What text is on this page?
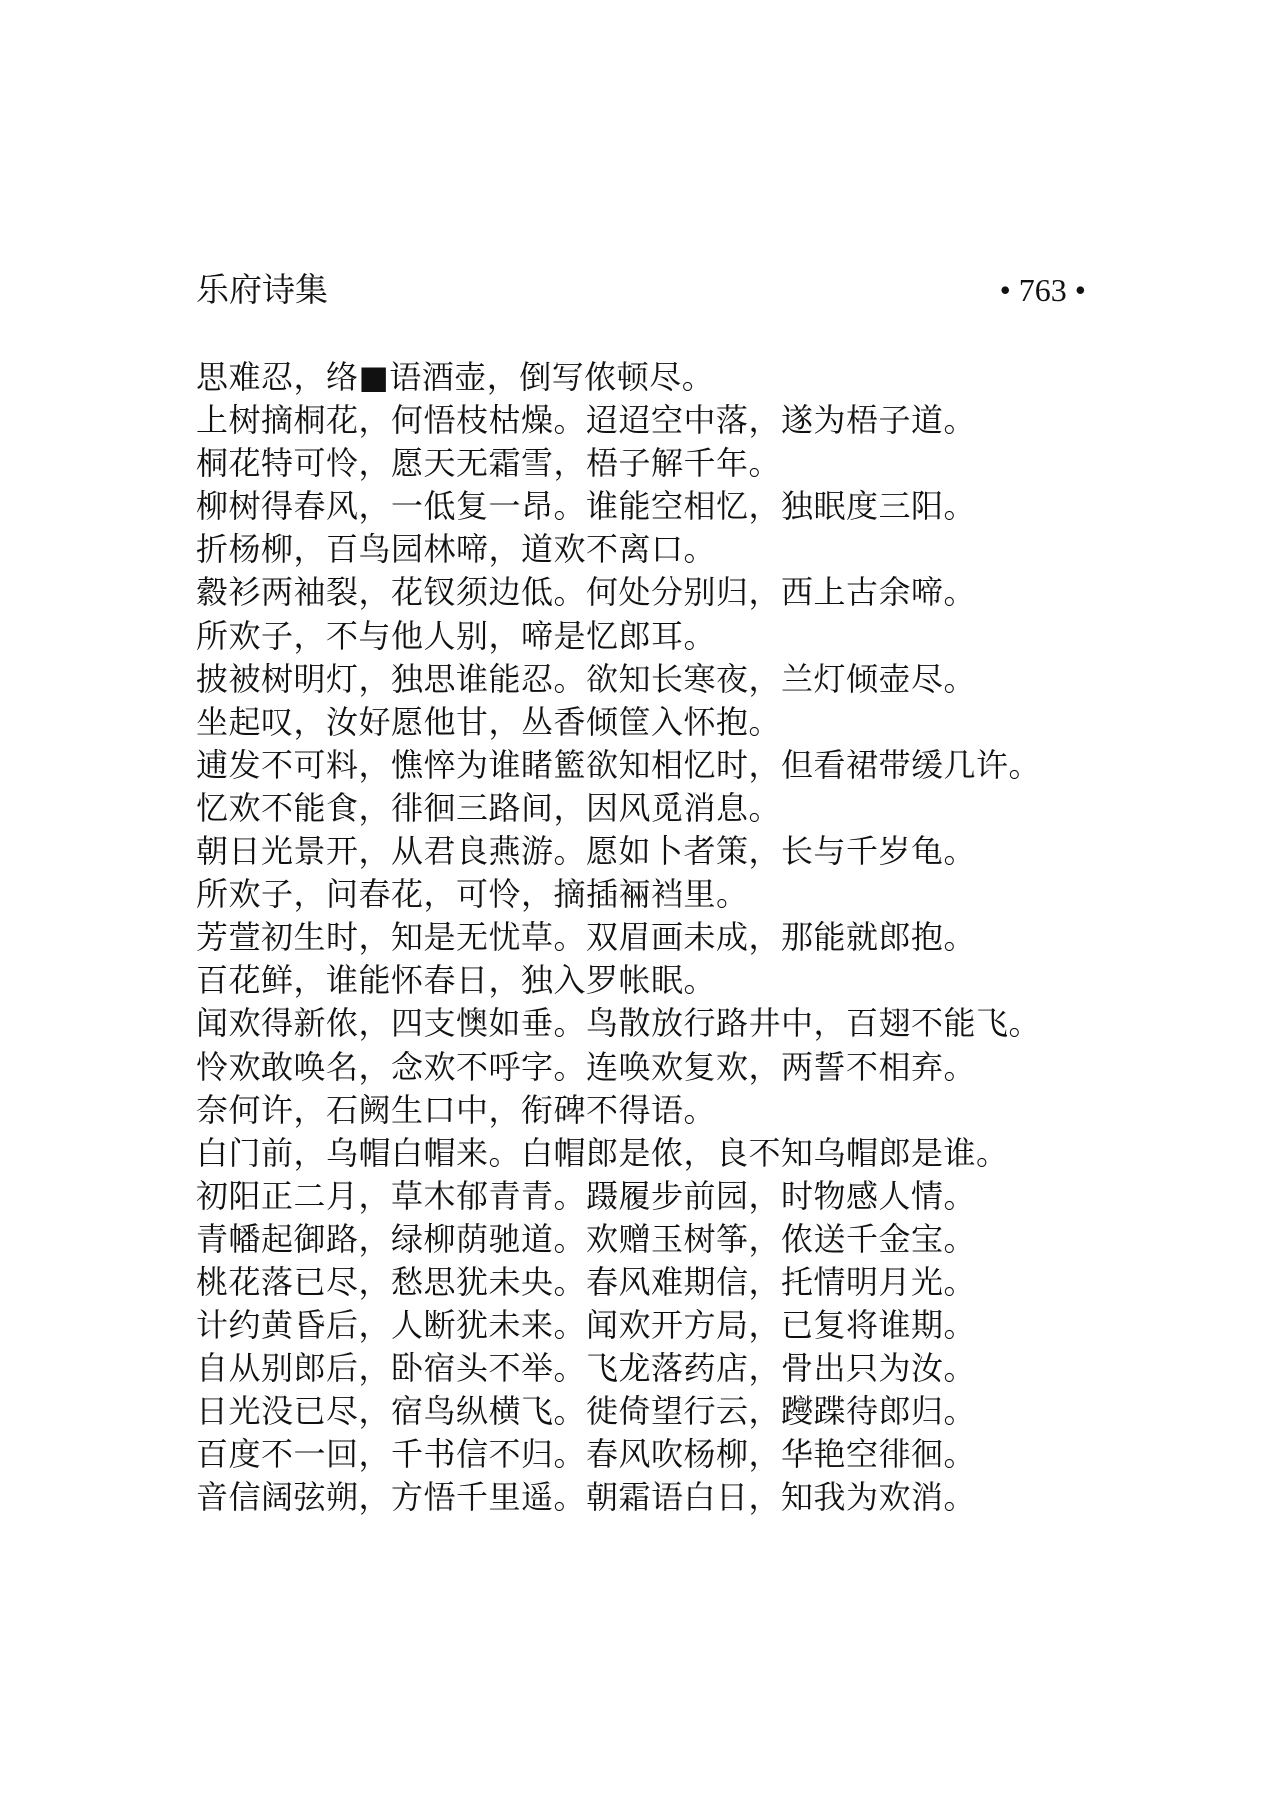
乐府诗集	• 763 •
思难忍，络■语酒壶，倒写侬顿尽。
上树摘桐花，何悟枝枯燥。迢迢空中落，遂为梧子道。
桐花特可怜，愿天无霜雪，梧子解千年。
柳树得春风，一低复一昂。谁能空相忆，独眠度三阳。
折杨柳，百鸟园林啼，道欢不离口。
縠衫两袖裂，花钗须边低。何处分别归，西上古余啼。
所欢子，不与他人别，啼是忆郎耳。
披被树明灯，独思谁能忍。欲知长寒夜，兰灯倾壶尽。
坐起叹，汝好愿他甘，丛香倾筐入怀抱。
逋发不可料，憔悴为谁睹籃欲知相忆时，但看裙带缓几许。
忆欢不能食，徘徊三路间，因风觅消息。
朝日光景开，从君良燕游。愿如卜者策，长与千岁龟。
所欢子，问春花，可怜，摘插裲裆里。
芳萱初生时，知是无忧草。双眉画未成，那能就郎抱。
百花鲜，谁能怀春日，独入罗帐眠。
闻欢得新侬，四支懊如垂。鸟散放行路井中，百翅不能飞。
怜欢敢唤名，念欢不呼字。连唤欢复欢，两誓不相弃。
奈何许，石阙生口中，衔碑不得语。
白门前，乌帽白帽来。白帽郎是侬，良不知乌帽郎是谁。
初阳正二月，草木郁青青。蹑履步前园，时物感人情。
青幡起御路，绿柳荫驰道。欢赠玉树筝，侬送千金宝。
桃花落已尽，愁思犹未央。春风难期信，托情明月光。
计约黄昏后，人断犹未来。闻欢开方局，已复将谁期。
自从别郎后，卧宿头不举。飞龙落药店，骨出只为汝。
日光没已尽，宿鸟纵横飞。徙倚望行云，躞蹀待郎归。
百度不一回，千书信不归。春风吹杨柳，华艳空徘徊。
音信阔弦朔，方悟千里遥。朝霜语白日，知我为欢消。
